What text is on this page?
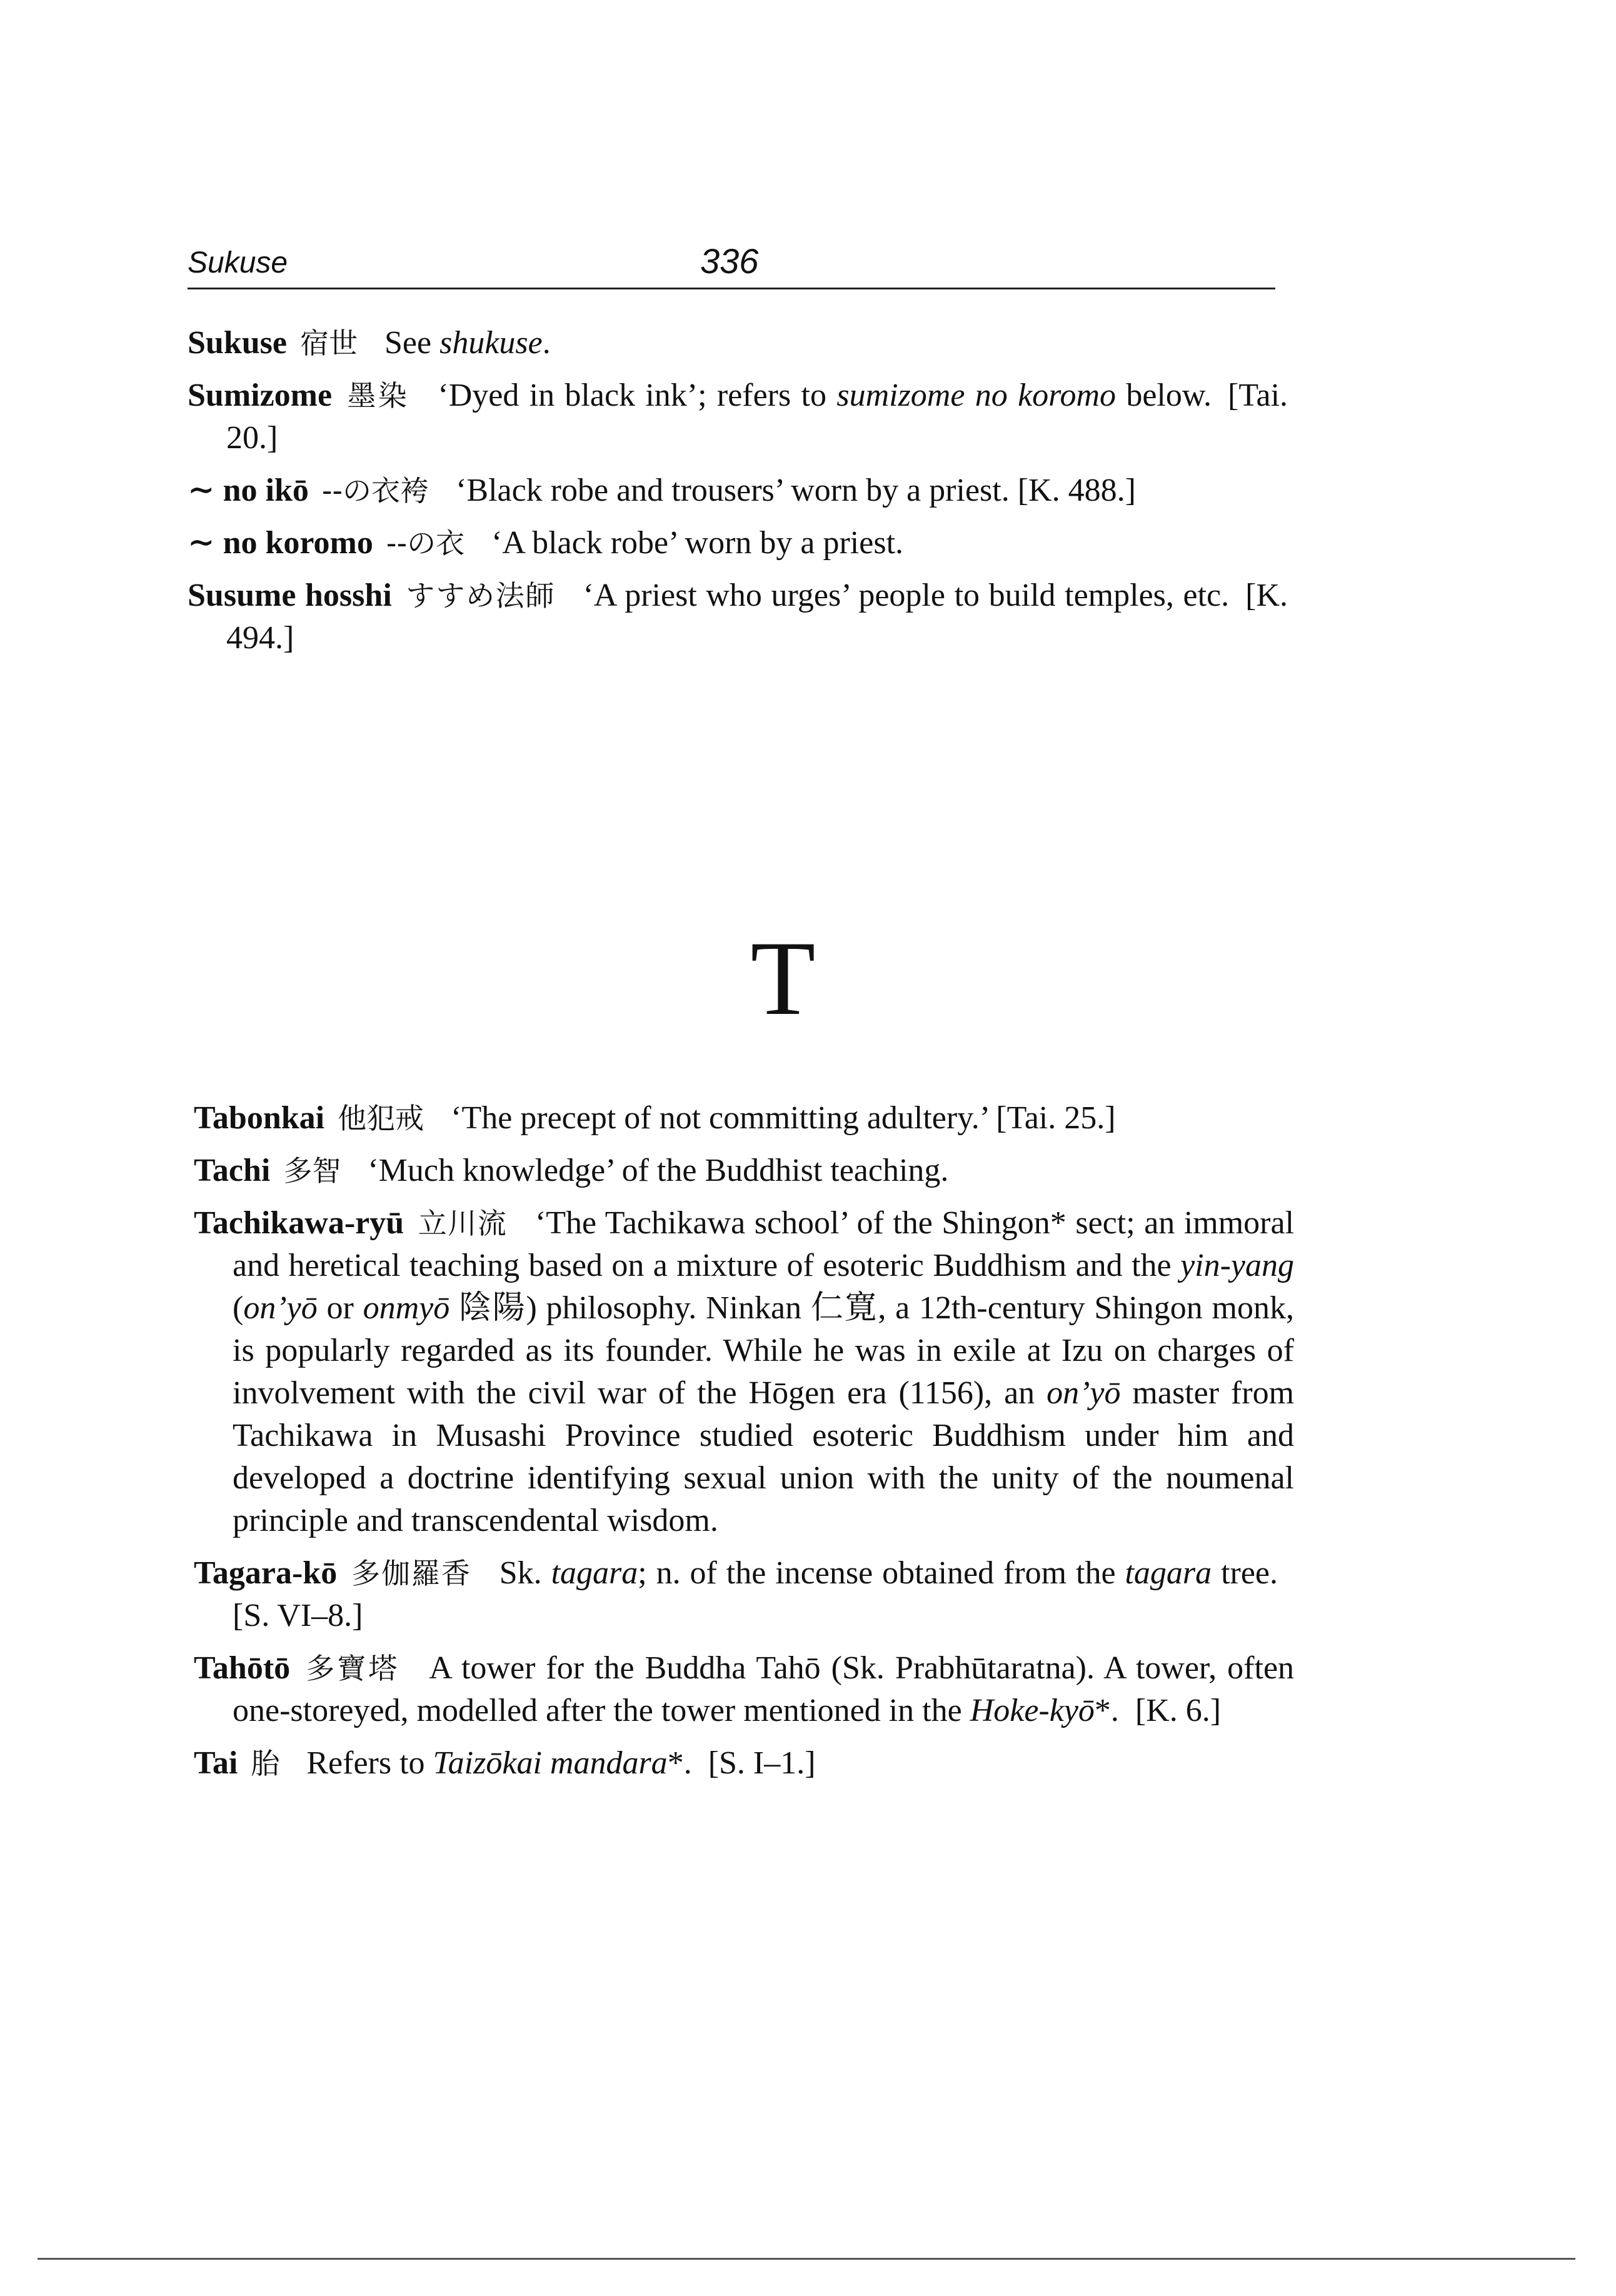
Sukuse	336
Sukuse 宿世 See shukuse.
Sumizome 墨染 ‘Dyed in black ink’; refers to sumizome no koromo below. [Tai. 20.]
∼ no ikō --の衣袴 ‘Black robe and trousers’ worn by a priest. [K. 488.]
∼ no koromo --の衣 ‘A black robe’ worn by a priest.
Susume hosshi すすめ法師 ‘A priest who urges’ people to build temples, etc. [K. 494.]
T
Tabonkai 他犯戒 ‘The precept of not committing adultery.’ [Tai. 25.]
Tachi 多智 ‘Much knowledge’ of the Buddhist teaching.
Tachikawa-ryū 立川流 ‘The Tachikawa school’ of the Shingon* sect; an immoral and heretical teaching based on a mixture of esoteric Buddhism and the yin-yang (on’yō or onmyō 陰陽) philosophy. Ninkan 仁寛, a 12th-century Shingon monk, is popularly regarded as its founder. While he was in exile at Izu on charges of involvement with the civil war of the Hōgen era (1156), an on’yō master from Tachikawa in Musashi Province studied esoteric Buddhism under him and developed a doctrine identifying sexual union with the unity of the noumenal principle and transcendental wisdom.
Tagara-kō 多伽羅香 Sk. tagara; n. of the incense obtained from the tagara tree.[S. VI–8.]
Tahōtō 多寶塔 A tower for the Buddha Tahō (Sk. Prabhūtaratna). A tower, often one-storeyed, modelled after the tower mentioned in the Hoke-kyō*. [K. 6.]
Tai 胎 Refers to Taizōkai mandara*. [S. I–1.]
